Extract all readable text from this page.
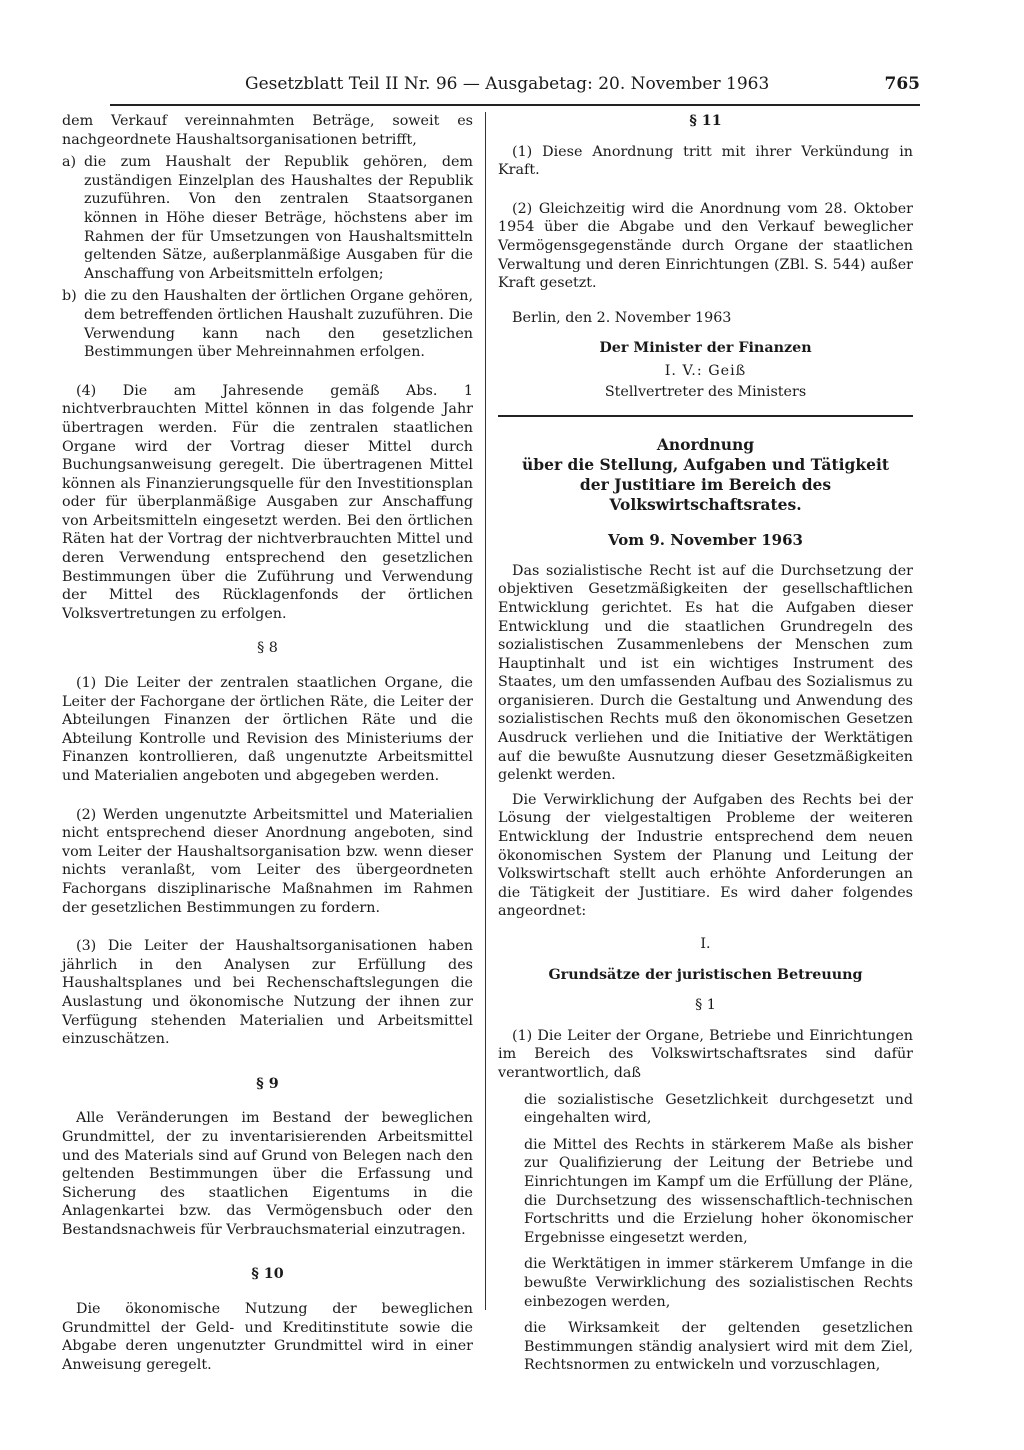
Gesetzblatt Teil II Nr. 96 — Ausgabetag: 20. November 1963	765

dem Verkauf vereinnahmten Beträge, soweit es nachgeordnete Haushaltsorganisationen betrifft,

a) die zum Haushalt der Republik gehören, dem zuständigen Einzelplan des Haushaltes der Republik zuzuführen. Von den zentralen Staatsorganen können in Höhe dieser Beträge, höchstens aber im Rahmen der für Umsetzungen von Haushaltsmitteln geltenden Sätze, außerplanmäßige Ausgaben für die Anschaffung von Arbeitsmitteln erfolgen;
b) die zu den Haushalten der örtlichen Organe gehören, dem betreffenden örtlichen Haushalt zuzuführen. Die Verwendung kann nach den gesetzlichen Bestimmungen über Mehreinnahmen erfolgen.

(4) Die am Jahresende gemäß Abs. 1 nichtverbrauchten Mittel können in das folgende Jahr übertragen werden. Für die zentralen staatlichen Organe wird der Vortrag dieser Mittel durch Buchungsanweisung geregelt. Die übertragenen Mittel können als Finanzierungsquelle für den Investitionsplan oder für überplanmäßige Ausgaben zur Anschaffung von Arbeitsmitteln eingesetzt werden. Bei den örtlichen Räten hat der Vortrag der nichtverbrauchten Mittel und deren Verwendung entsprechend den gesetzlichen Bestimmungen über die Zuführung und Verwendung der Mittel des Rücklagenfonds der örtlichen Volksvertretungen zu erfolgen.

§ 8

(1) Die Leiter der zentralen staatlichen Organe, die Leiter der Fachorgane der örtlichen Räte, die Leiter der Abteilungen Finanzen der örtlichen Räte und die Abteilung Kontrolle und Revision des Ministeriums der Finanzen kontrollieren, daß ungenutzte Arbeitsmittel und Materialien angeboten und abgegeben werden.

(2) Werden ungenutzte Arbeitsmittel und Materialien nicht entsprechend dieser Anordnung angeboten, sind vom Leiter der Haushaltsorganisation bzw. wenn dieser nichts veranlaßt, vom Leiter des übergeordneten Fachorgans disziplinarische Maßnahmen im Rahmen der gesetzlichen Bestimmungen zu fordern.

(3) Die Leiter der Haushaltsorganisationen haben jährlich in den Analysen zur Erfüllung des Haushaltsplanes und bei Rechenschaftslegungen die Auslastung und ökonomische Nutzung der ihnen zur Verfügung stehenden Materialien und Arbeitsmittel einzuschätzen.

§ 9

Alle Veränderungen im Bestand der beweglichen Grundmittel, der zu inventarisierenden Arbeitsmittel und des Materials sind auf Grund von Belegen nach den geltenden Bestimmungen über die Erfassung und Sicherung des staatlichen Eigentums in die Anlagenkartei bzw. das Vermögensbuch oder den Bestandsnachweis für Verbrauchsmaterial einzutragen.

§ 10

Die ökonomische Nutzung der beweglichen Grundmittel der Geld- und Kreditinstitute sowie die Abgabe deren ungenutzter Grundmittel wird in einer Anweisung geregelt.

§ 11

(1) Diese Anordnung tritt mit ihrer Verkündung in Kraft.

(2) Gleichzeitig wird die Anordnung vom 28. Oktober 1954 über die Abgabe und den Verkauf beweglicher Vermögensgegenstände durch Organe der staatlichen Verwaltung und deren Einrichtungen (ZBl. S. 544) außer Kraft gesetzt.

Berlin, den 2. November 1963

Der Minister der Finanzen

I. V.: Geiß

Stellvertreter des Ministers

Anordnung

über die Stellung, Aufgaben und Tätigkeit

der Justitiare im Bereich des Volkswirtschaftsrates.

Vom 9. November 1963

Das sozialistische Recht ist auf die Durchsetzung der objektiven Gesetzmäßigkeiten der gesellschaftlichen Entwicklung gerichtet. Es hat die Aufgaben dieser Entwicklung und die staatlichen Grundregeln des sozialistischen Zusammenlebens der Menschen zum Hauptinhalt und ist ein wichtiges Instrument des Staates, um den umfassenden Aufbau des Sozialismus zu organisieren. Durch die Gestaltung und Anwendung des sozialistischen Rechts muß den ökonomischen Gesetzen Ausdruck verliehen und die Initiative der Werktätigen auf die bewußte Ausnutzung dieser Gesetzmäßigkeiten gelenkt werden.

Die Verwirklichung der Aufgaben des Rechts bei der Lösung der vielgestaltigen Probleme der weiteren Entwicklung der Industrie entsprechend dem neuen ökonomischen System der Planung und Leitung der Volkswirtschaft stellt auch erhöhte Anforderungen an die Tätigkeit der Justitiare. Es wird daher folgendes angeordnet:

I.

Grundsätze der juristischen Betreuung

§ 1

(1) Die Leiter der Organe, Betriebe und Einrichtungen im Bereich des Volkswirtschaftsrates sind dafür verantwortlich, daß

die sozialistische Gesetzlichkeit durchgesetzt und eingehalten wird,

die Mittel des Rechts in stärkerem Maße als bisher zur Qualifizierung der Leitung der Betriebe und Einrichtungen im Kampf um die Erfüllung der Pläne, die Durchsetzung des wissenschaftlich-technischen Fortschritts und die Erzielung hoher ökonomischer Ergebnisse eingesetzt werden,

die Werktätigen in immer stärkerem Umfange in die bewußte Verwirklichung des sozialistischen Rechts einbezogen werden,

die Wirksamkeit der geltenden gesetzlichen Bestimmungen ständig analysiert wird mit dem Ziel, Rechtsnormen zu entwickeln und vorzuschlagen,
